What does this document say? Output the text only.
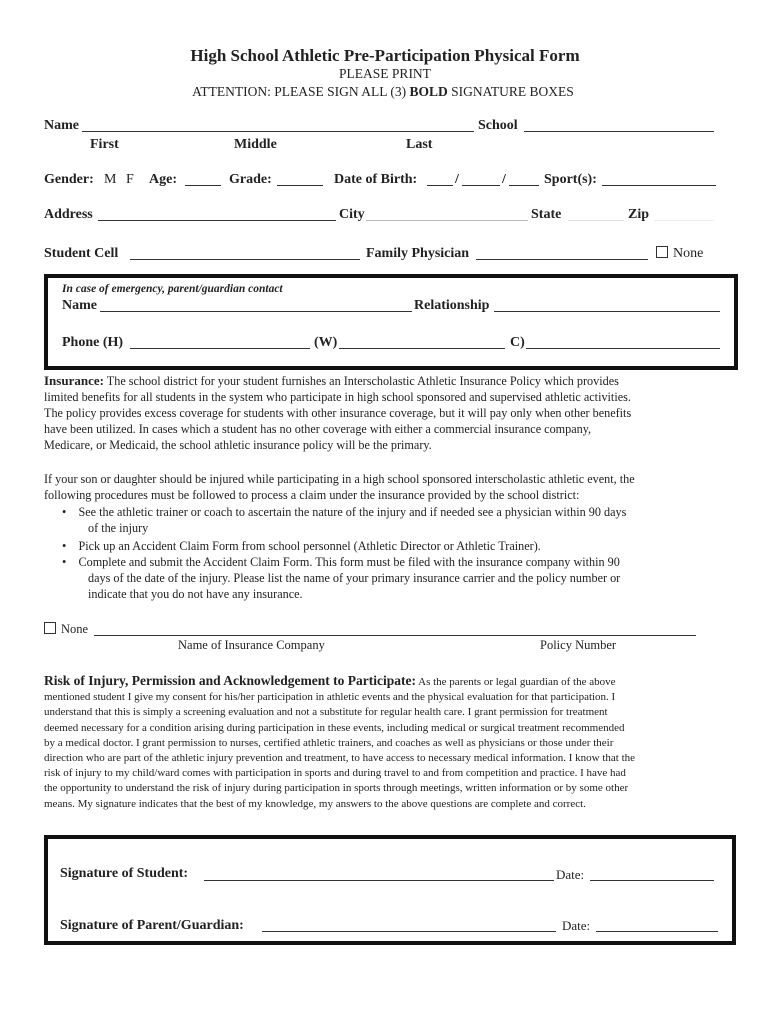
High School Athletic Pre-Participation Physical Form
PLEASE PRINT
ATTENTION: PLEASE SIGN ALL (3) BOLD SIGNATURE BOXES
Name	School
First	Middle	Last
Gender: M F Age:	Grade:	Date of Birth:	/	/	Sport(s):
Address	City	State	Zip
Student Cell	Family Physician	None
In case of emergency, parent/guardian contact
Name	Relationship
Phone (H)	(W)	C)
Insurance: The school district for your student furnishes an Interscholastic Athletic Insurance Policy which provides
limited benefits for all students in the system who participate in high school sponsored and supervised athletic activities.
The policy provides excess coverage for students with other insurance coverage, but it will pay only when other benefits
have been utilized. In cases which a student has no other coverage with either a commercial insurance company,
Medicare, or Medicaid, the school athletic insurance policy will be the primary.
If your son or daughter should be injured while participating in a high school sponsored interscholastic athletic event, the
following procedures must be followed to process a claim under the insurance provided by the school district:
•    See the athletic trainer or coach to ascertain the nature of the injury and if needed see a physician within 90 days
of the injury
•    Pick up an Accident Claim Form from school personnel (Athletic Director or Athletic Trainer).
•    Complete and submit the Accident Claim Form. This form must be filed with the insurance company within 90
days of the date of the injury. Please list the name of your primary insurance carrier and the policy number or
indicate that you do not have any insurance.
None
Name of Insurance Company	Policy Number
Risk of Injury, Permission and Acknowledgement to Participate: As the parents or legal guardian of the above
mentioned student I give my consent for his/her participation in athletic events and the physical evaluation for that participation. I
understand that this is simply a screening evaluation and not a substitute for regular health care. I grant permission for treatment
deemed necessary for a condition arising during participation in these events, including medical or surgical treatment recommended
by a medical doctor. I grant permission to nurses, certified athletic trainers, and coaches as well as physicians or those under their
direction who are part of the athletic injury prevention and treatment, to have access to necessary medical information. I know that the
risk of injury to my child/ward comes with participation in sports and during travel to and from competition and practice. I have had
the opportunity to understand the risk of injury during participation in sports through meetings, written information or by some other
means. My signature indicates that the best of my knowledge, my answers to the above questions are complete and correct.
Signature of Student:	Date:
Signature of Parent/Guardian:	Date:
